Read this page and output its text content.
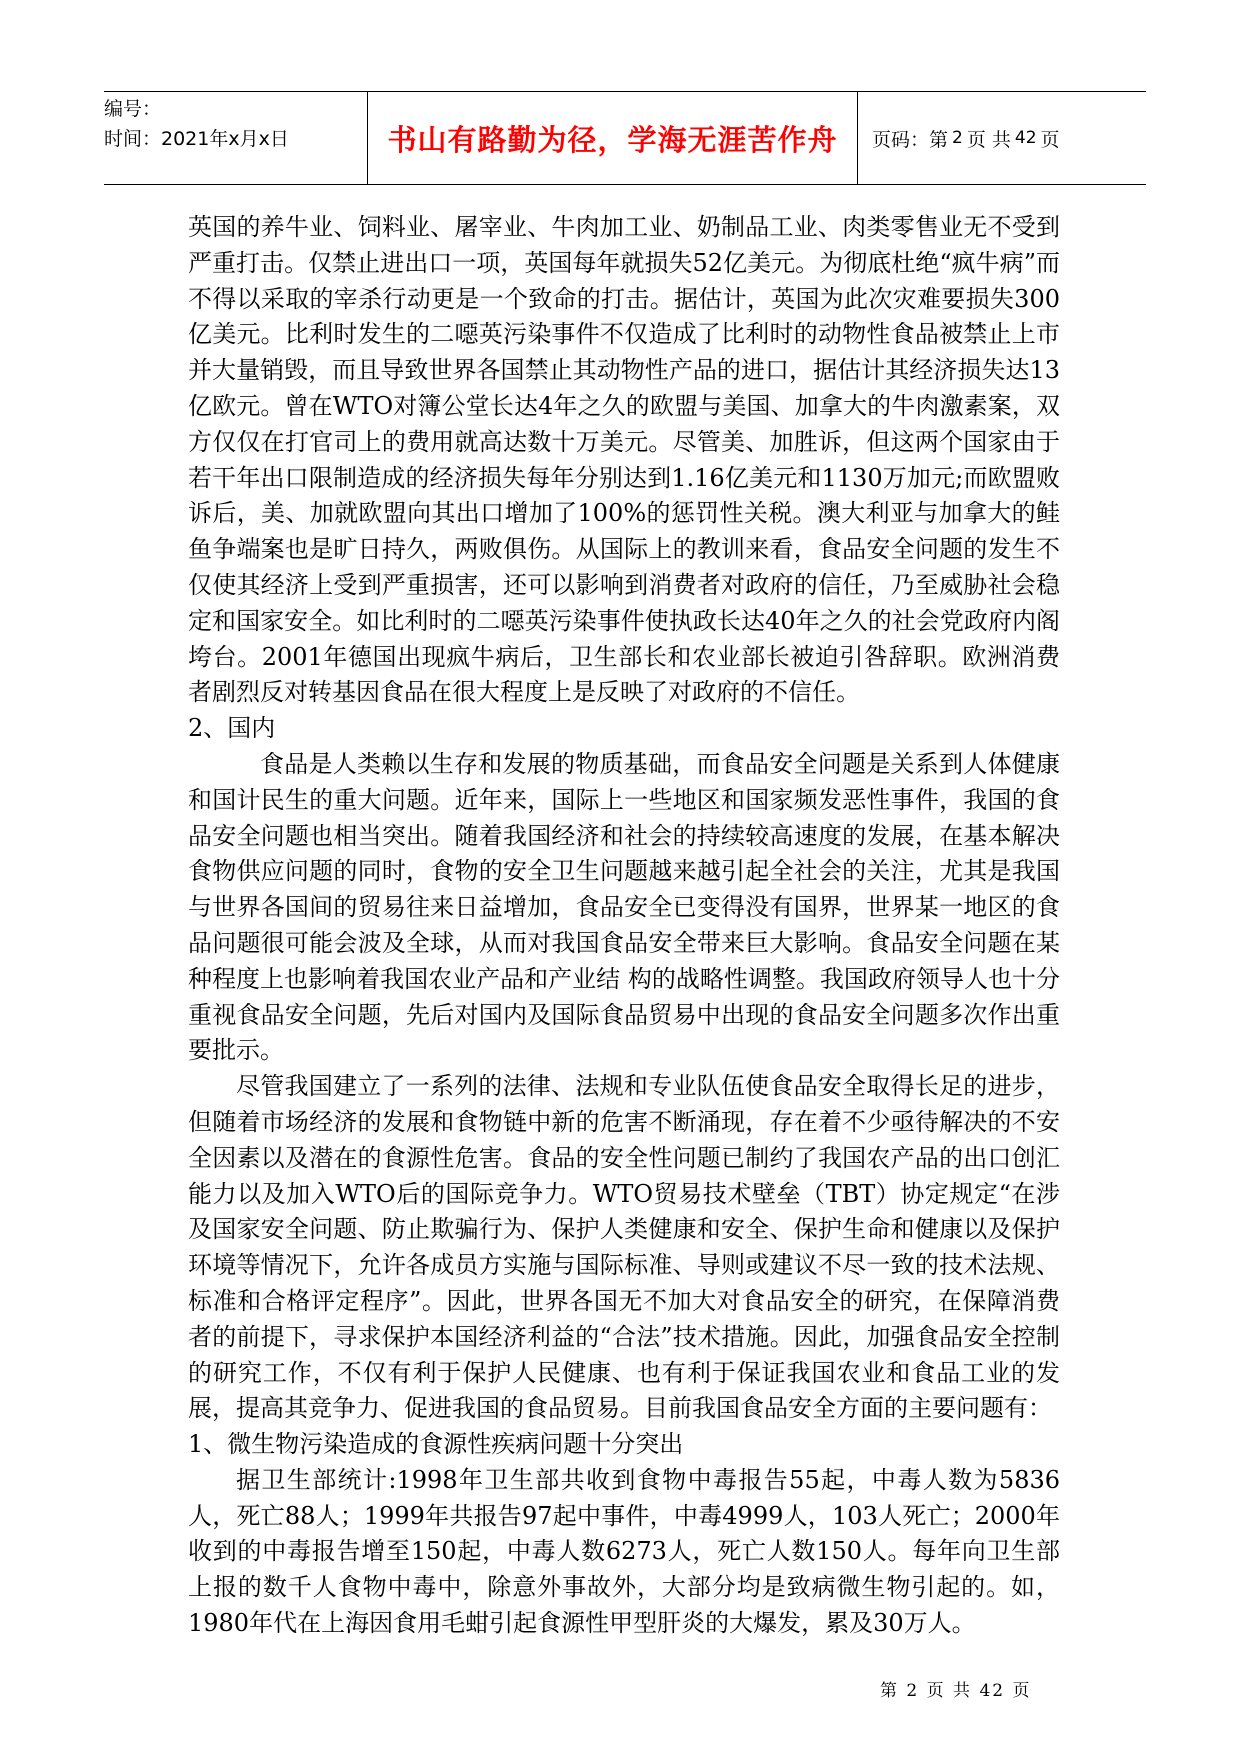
编号：
时间：2021年x月x日	书山有路勤为径，学海无涯苦作舟 页码：第 2 页 共 42 页

英国的养牛业、饲料业、屠宰业、牛肉加工业、奶制品工业、肉类零售业无不受到严重打击。仅禁止进出口一项，英国每年就损失52亿美元。为彻底杜绝“疯牛病”而不得以采取的宰杀行动更是一个致命的打击。据估计，英国为此次灾难要损失300亿美元。比利时发生的二噁英污染事件不仅造成了比利时的动物性食品被禁止上市并大量销毁，而且导致世界各国禁止其动物性产品的进口，据估计其经济损失达13亿欧元。曾在WTO对簿公堂长达4年之久的欧盟与美国、加拿大的牛肉激素案，双方仅仅在打官司上的费用就高达数十万美元。尽管美、加胜诉，但这两个国家由于若干年出口限制造成的经济损失每年分别达到1.16亿美元和1130万加元;而欧盟败诉后，美、加就欧盟向其出口增加了100%的惩罚性关税。澳大利亚与加拿大的鲑鱼争端案也是旷日持久，两败俱伤。从国际上的教训来看，食品安全问题的发生不仅使其经济上受到严重损害，还可以影响到消费者对政府的信任，乃至威胁社会稳定和国家安全。如比利时的二噁英污染事件使执政长达40年之久的社会党政府内阁垮台。2001年德国出现疯牛病后，卫生部长和农业部长被迫引咎辞职。欧洲消费者剧烈反对转基因食品在很大程度上是反映了对政府的不信任。

2、国内

食品是人类赖以生存和发展的物质基础，而食品安全问题是关系到人体健康和国计民生的重大问题。近年来，国际上一些地区和国家频发恶性事件，我国的食品安全问题也相当突出。随着我国经济和社会的持续较高速度的发展，在基本解决食物供应问题的同时，食物的安全卫生问题越来越引起全社会的关注，尤其是我国与世界各国间的贸易往来日益增加，食品安全已变得没有国界，世界某一地区的食品问题很可能会波及全球，从而对我国食品安全带来巨大影响。食品安全问题在某种程度上也影响着我国农业产品和产业结 构的战略性调整。我国政府领导人也十分重视食品安全问题，先后对国内及国际食品贸易中出现的食品安全问题多次作出重要批示。

尽管我国建立了一系列的法律、法规和专业队伍使食品安全取得长足的进步，但随着市场经济的发展和食物链中新的危害不断涌现，存在着不少亟待解决的不安全因素以及潜在的食源性危害。食品的安全性问题已制约了我国农产品的出口创汇能力以及加入WTO后的国际竞争力。WTO贸易技术壁垒（TBT）协定规定“在涉及国家安全问题、防止欺骗行为、保护人类健康和安全、保护生命和健康以及保护环境等情况下，允许各成员方实施与国际标准、导则或建议不尽一致的技术法规、标准和合格评定程序”。因此，世界各国无不加大对食品安全的研究，在保障消费者的前提下，寻求保护本国经济利益的“合法”技术措施。因此，加强食品安全控制的研究工作，不仅有利于保护人民健康、也有利于保证我国农业和食品工业的发展，提高其竞争力、促进我国的食品贸易。目前我国食品安全方面的主要问题有：

1、微生物污染造成的食源性疾病问题十分突出

据卫生部统计:1998年卫生部共收到食物中毒报告55起，中毒人数为5836人，死亡88人；1999年共报告97起中事件，中毒4999人，103人死亡；2000年收到的中毒报告增至150起，中毒人数6273人，死亡人数150人。每年向卫生部上报的数千人食物中毒中，除意外事故外，大部分均是致病微生物引起的。如，1980年代在上海因食用毛蚶引起食源性甲型肝炎的大爆发，累及30万人。

第 2 页 共 42 页
